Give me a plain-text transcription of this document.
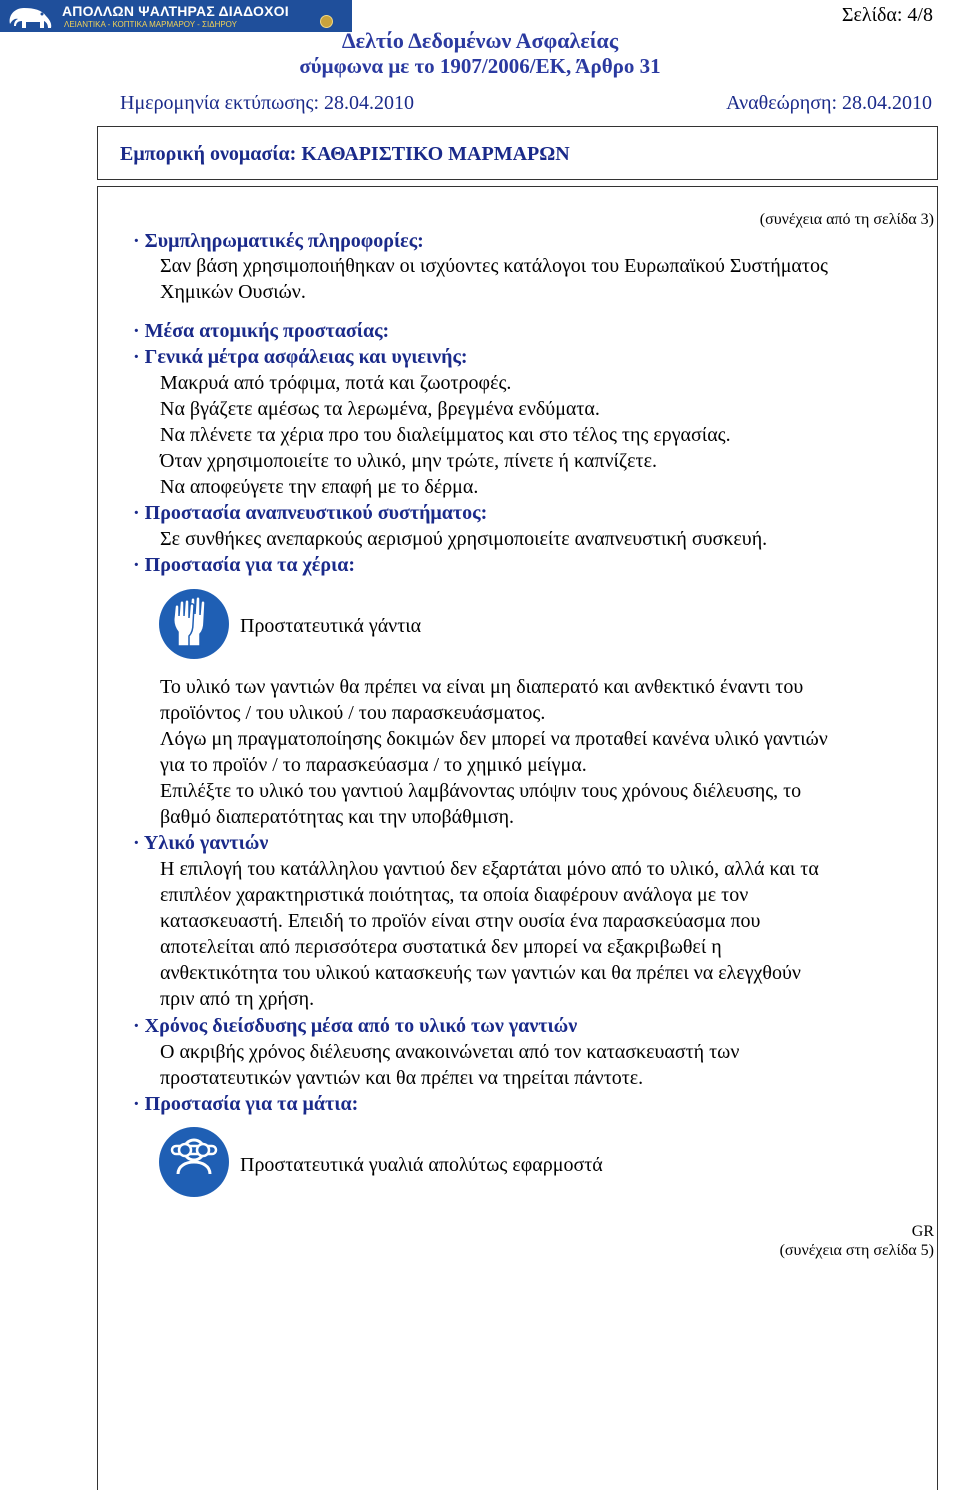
ΑΠΟΛΛΩΝ ΨΑΛΤΗΡΑΣ ΔΙΑΔΟΧΟΙ
ΛΕΙΑΝΤΙΚΑ - ΚΟΠΤΙΚΑ ΜΑΡΜΑΡΟΥ - ΣΙΔΗΡΟΥ	Σελίδα: 4/8
Δελτίο Δεδομένων Ασφαλείας
σύμφωνα με το 1907/2006/ΕΚ, Άρθρο 31
Ημερομηνία εκτύπωσης: 28.04.2010	Αναθεώρηση: 28.04.2010
Εμπορική ονομασία: ΚΑΘΑΡΙΣΤΙΚΟ ΜΑΡΜΑΡΩΝ
(συνέχεια από τη σελίδα 3)
· Συμπληρωματικές πληροφορίες:
Σαν βάση χρησιμοποιήθηκαν οι ισχύοντες κατάλογοι του Ευρωπαϊκού Συστήματος
Χημικών Ουσιών.
· Μέσα ατομικής προστασίας:
· Γενικά μέτρα ασφάλειας και υγιεινής:
Μακρυά από τρόφιμα, ποτά και ζωοτροφές.
Να βγάζετε αμέσως τα λερωμένα, βρεγμένα ενδύματα.
Να πλένετε τα χέρια προ του διαλείμματος και στο τέλος της εργασίας.
Όταν χρησιμοποιείτε το υλικό, μην τρώτε, πίνετε ή καπνίζετε.
Να αποφεύγετε την επαφή με το δέρμα.
· Προστασία αναπνευστικού συστήματος:
Σε συνθήκες ανεπαρκούς αερισμού χρησιμοποιείτε αναπνευστική συσκευή.
· Προστασία για τα χέρια:
Προστατευτικά γάντια
Το υλικό των γαντιών θα πρέπει να είναι μη διαπερατό και ανθεκτικό έναντι του
προϊόντος / του υλικού / του παρασκευάσματος.
Λόγω μη πραγματοποίησης δοκιμών δεν μπορεί να προταθεί κανένα υλικό γαντιών
για το προϊόν / το παρασκεύασμα / το χημικό μείγμα.
Επιλέξτε το υλικό του γαντιού λαμβάνοντας υπόψιν τους χρόνους διέλευσης, το
βαθμό διαπερατότητας και την υποβάθμιση.
· Υλικό γαντιών
Η επιλογή του κατάλληλου γαντιού δεν εξαρτάται μόνο από το υλικό, αλλά και τα
επιπλέον χαρακτηριστικά ποιότητας, τα οποία διαφέρουν ανάλογα με τον
κατασκευαστή. Επειδή το προϊόν είναι στην ουσία ένα παρασκεύασμα που
αποτελείται από περισσότερα συστατικά δεν μπορεί να εξακριβωθεί η
ανθεκτικότητα του υλικού κατασκευής των γαντιών και θα πρέπει να ελεγχθούν
πριν από τη χρήση.
· Χρόνος διείσδυσης μέσα από το υλικό των γαντιών
Ο ακριβής χρόνος διέλευσης ανακοινώνεται από τον κατασκευαστή των
προστατευτικών γαντιών και θα πρέπει να τηρείται πάντοτε.
· Προστασία για τα μάτια:
Προστατευτικά γυαλιά απολύτως εφαρμοστά
GR
(συνέχεια στη σελίδα 5)
